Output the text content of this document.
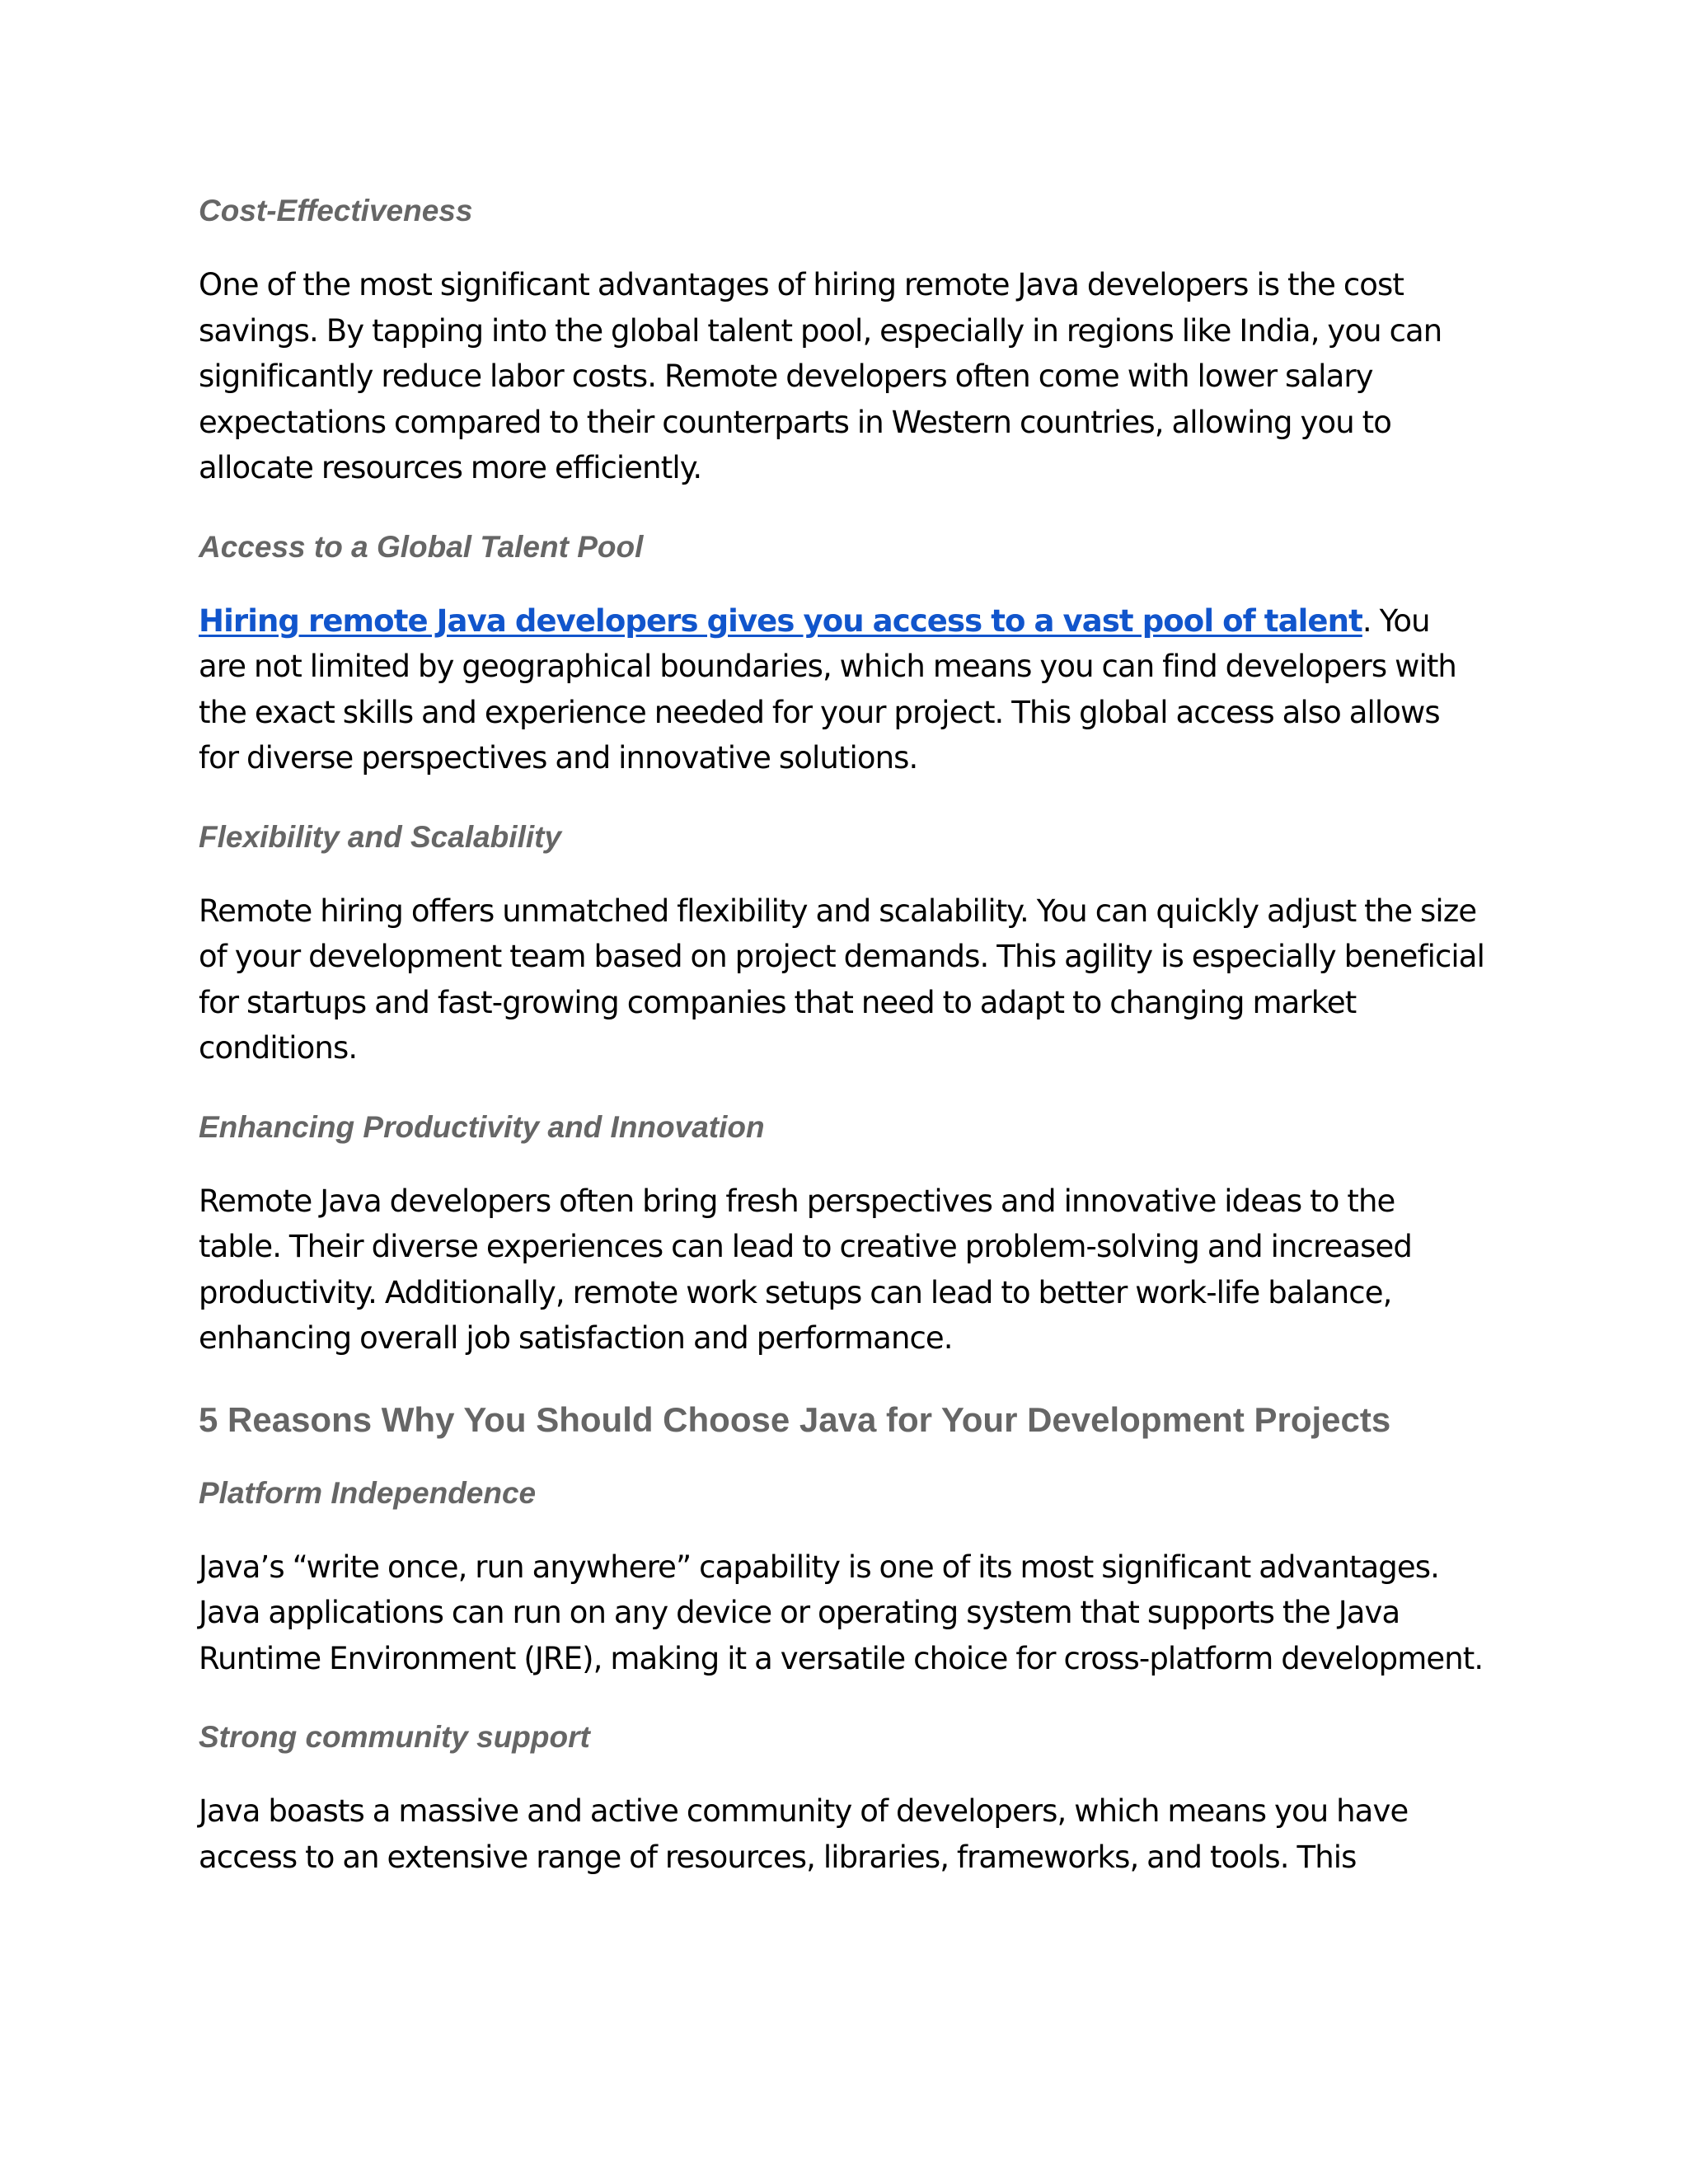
Cost-Effectiveness
One of the most significant advantages of hiring remote Java developers is the cost savings. By tapping into the global talent pool, especially in regions like India, you can significantly reduce labor costs. Remote developers often come with lower salary expectations compared to their counterparts in Western countries, allowing you to allocate resources more efficiently.
Access to a Global Talent Pool
Hiring remote Java developers gives you access to a vast pool of talent. You are not limited by geographical boundaries, which means you can find developers with the exact skills and experience needed for your project. This global access also allows for diverse perspectives and innovative solutions.
Flexibility and Scalability
Remote hiring offers unmatched flexibility and scalability. You can quickly adjust the size of your development team based on project demands. This agility is especially beneficial for startups and fast-growing companies that need to adapt to changing market conditions.
Enhancing Productivity and Innovation
Remote Java developers often bring fresh perspectives and innovative ideas to the table. Their diverse experiences can lead to creative problem-solving and increased productivity. Additionally, remote work setups can lead to better work-life balance, enhancing overall job satisfaction and performance.
5 Reasons Why You Should Choose Java for Your Development Projects
Platform Independence
Java’s “write once, run anywhere” capability is one of its most significant advantages. Java applications can run on any device or operating system that supports the Java Runtime Environment (JRE), making it a versatile choice for cross-platform development.
Strong community support
Java boasts a massive and active community of developers, which means you have access to an extensive range of resources, libraries, frameworks, and tools. This
